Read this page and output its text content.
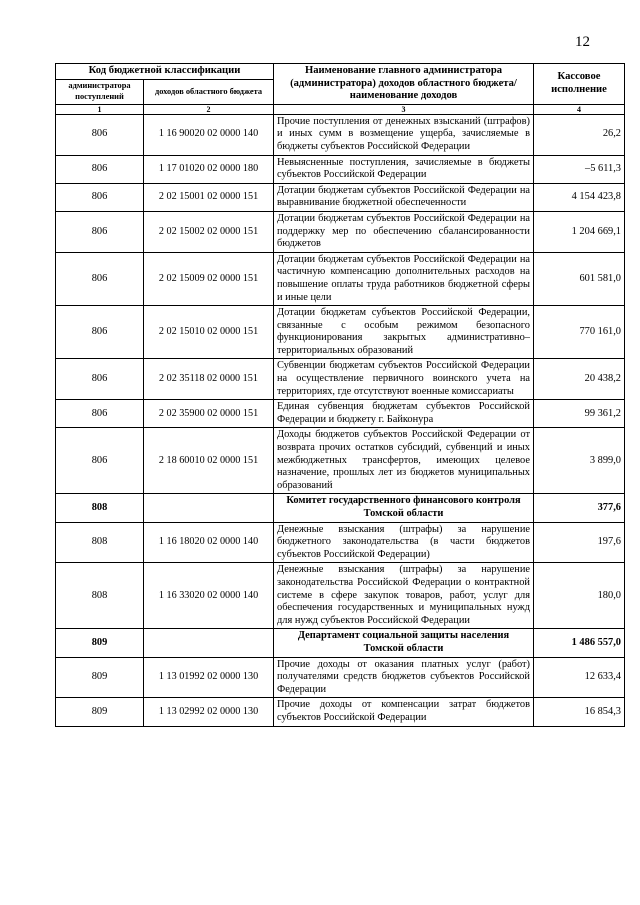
12
Код бюджетной классификации		Наименование главного администратора (администратора) доходов областного бюджета/ наименование доходов	Кассовое исполнение
администратора поступлений	доходов областного бюджета		
1	2	3	4
806	1 16 90020 02 0000 140	Прочие поступления от денежных взысканий (штрафов) и иных сумм в возмещение ущерба, зачисляемые в бюджеты субъектов Российской Федерации	26,2
806	1 17 01020 02 0000 180	Невыясненные поступления, зачисляемые в бюджеты субъектов Российской Федерации	–5 611,3
806	2 02 15001 02 0000 151	Дотации бюджетам субъектов Российской Федерации на выравнивание бюджетной обеспеченности	4 154 423,8
806	2 02 15002 02 0000 151	Дотации бюджетам субъектов Российской Федерации на поддержку мер по обеспечению сбалансированности бюджетов	1 204 669,1
806	2 02 15009 02 0000 151	Дотации бюджетам субъектов Российской Федерации на частичную компенсацию дополнительных расходов на повышение оплаты труда работников бюджетной сферы и иные цели	601 581,0
806	2 02 15010 02 0000 151	Дотации бюджетам субъектов Российской Федерации, связанные с особым режимом безопасного функционирования закрытых административно–территориальных образований	770 161,0
806	2 02 35118 02 0000 151	Субвенции бюджетам субъектов Российской Федерации на осуществление первичного воинского учета на территориях, где отсутствуют военные комиссариаты	20 438,2
806	2 02 35900 02 0000 151	Единая субвенция бюджетам субъектов Российской Федерации и бюджету г. Байконура	99 361,2
806	2 18 60010 02 0000 151	Доходы бюджетов субъектов Российской Федерации от возврата прочих остатков субсидий, субвенций и иных межбюджетных трансфертов, имеющих целевое назначение, прошлых лет из бюджетов муниципальных образований	3 899,0
808		Комитет государственного финансового контроля Томской области	377,6
808	1 16 18020 02 0000 140	Денежные взыскания (штрафы) за нарушение бюджетного законодательства (в части бюджетов субъектов Российской Федерации)	197,6
808	1 16 33020 02 0000 140	Денежные взыскания (штрафы) за нарушение законодательства Российской Федерации о контрактной системе в сфере закупок товаров, работ, услуг для обеспечения государственных и муниципальных нужд для нужд субъектов Российской Федерации	180,0
809		Департамент социальной защиты населения Томской области	1 486 557,0
809	1 13 01992 02 0000 130	Прочие доходы от оказания платных услуг (работ) получателями средств бюджетов субъектов Российской Федерации	12 633,4
809	1 13 02992 02 0000 130	Прочие доходы от компенсации затрат бюджетов субъектов Российской Федерации	16 854,3
